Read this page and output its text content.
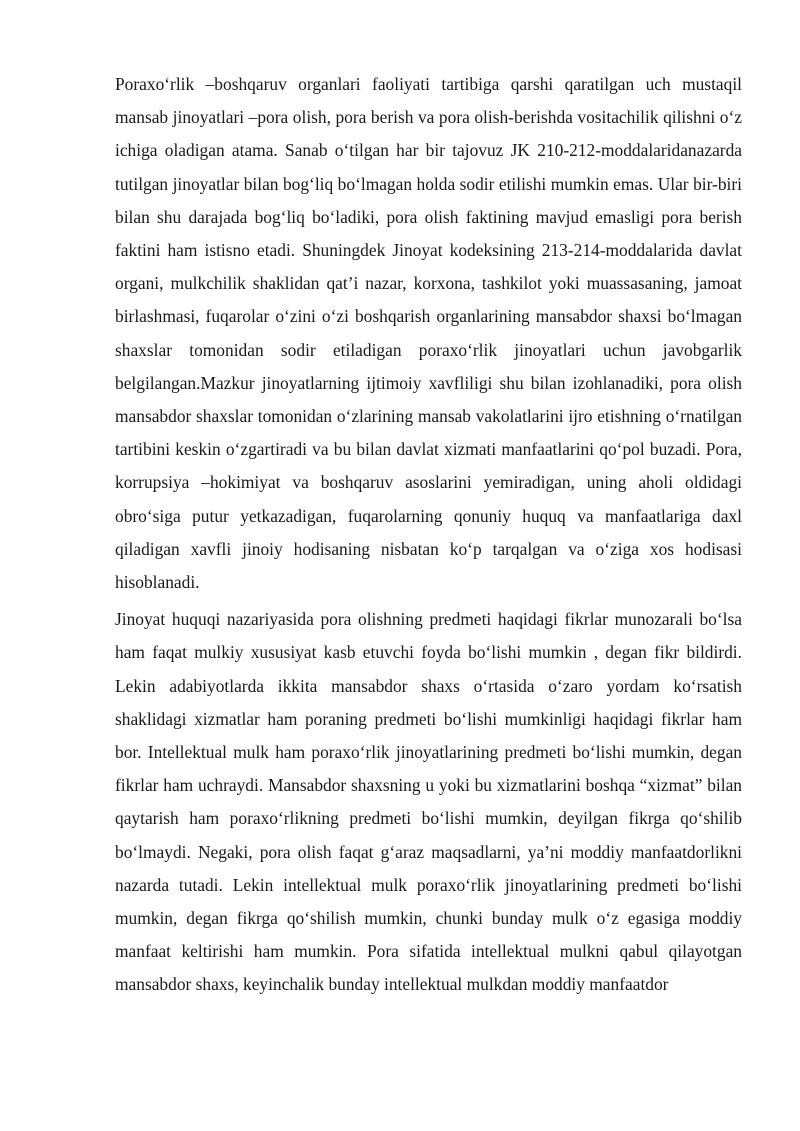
Poraxo‘rlik –boshqaruv organlari faoliyati tartibiga qarshi qaratilgan uch mustaqil mansab jinoyatlari –pora olish, pora berish va pora olish-berishda vositachilik qilishni o‘z ichiga oladigan atama. Sanab o‘tilgan har bir tajovuz JK 210-212-moddalaridanazarda tutilgan jinoyatlar bilan bog‘liq bo‘lmagan holda sodir etilishi mumkin emas. Ular bir-biri bilan shu darajada bog‘liq bo‘ladiki, pora olish faktining mavjud emasligi pora berish faktini ham istisno etadi. Shuningdek Jinoyat kodeksining 213-214-moddalarida davlat organi, mulkchilik shaklidan qat’i nazar, korxona, tashkilot yoki muassasaning, jamoat birlashmasi, fuqarolar o‘zini o‘zi boshqarish organlarining mansabdor shaxsi bo‘lmagan shaxslar tomonidan sodir etiladigan poraxo‘rlik jinoyatlari uchun javobgarlik belgilangan.Mazkur jinoyatlarning ijtimoiy xavfliligi shu bilan izohlanadiki, pora olish mansabdor shaxslar tomonidan o‘zlarining mansab vakolatlarini ijro etishning o‘rnatilgan tartibini keskin o‘zgartiradi va bu bilan davlat xizmati manfaatlarini qo‘pol buzadi. Pora, korrupsiya –hokimiyat va boshqaruv asoslarini yemiradigan, uning aholi oldidagi obro‘siga putur yetkazadigan, fuqarolarning qonuniy huquq va manfaatlariga daxl qiladigan xavfli jinoiy hodisaning nisbatan ko‘p tarqalgan va o‘ziga xos hodisasi hisoblanadi.

Jinoyat huquqi nazariyasida pora olishning predmeti haqidagi fikrlar munozarali bo‘lsa ham faqat mulkiy xususiyat kasb etuvchi foyda bo‘lishi mumkin , degan fikr bildirdi. Lekin adabiyotlarda ikkita mansabdor shaxs o‘rtasida o‘zaro yordam ko‘rsatish shaklidagi xizmatlar ham poraning predmeti bo‘lishi mumkinligi haqidagi fikrlar ham bor. Intellektual mulk ham poraxo‘rlik jinoyatlarining predmeti bo‘lishi mumkin, degan fikrlar ham uchraydi. Mansabdor shaxsning u yoki bu xizmatlarini boshqa “xizmat” bilan qaytarish ham poraxo‘rlikning predmeti bo‘lishi mumkin, deyilgan fikrga qo‘shilib bo‘lmaydi. Negaki, pora olish faqat g‘araz maqsadlarni, ya’ni moddiy manfaatdorlikni nazarda tutadi. Lekin intellektual mulk poraxo‘rlik jinoyatlarining predmeti bo‘lishi mumkin, degan fikrga qo‘shilish mumkin, chunki bunday mulk o‘z egasiga moddiy manfaat keltirishi ham mumkin. Pora sifatida intellektual mulkni qabul qilayotgan mansabdor shaxs, keyinchalik bunday intellektual mulkdan moddiy manfaatdor
